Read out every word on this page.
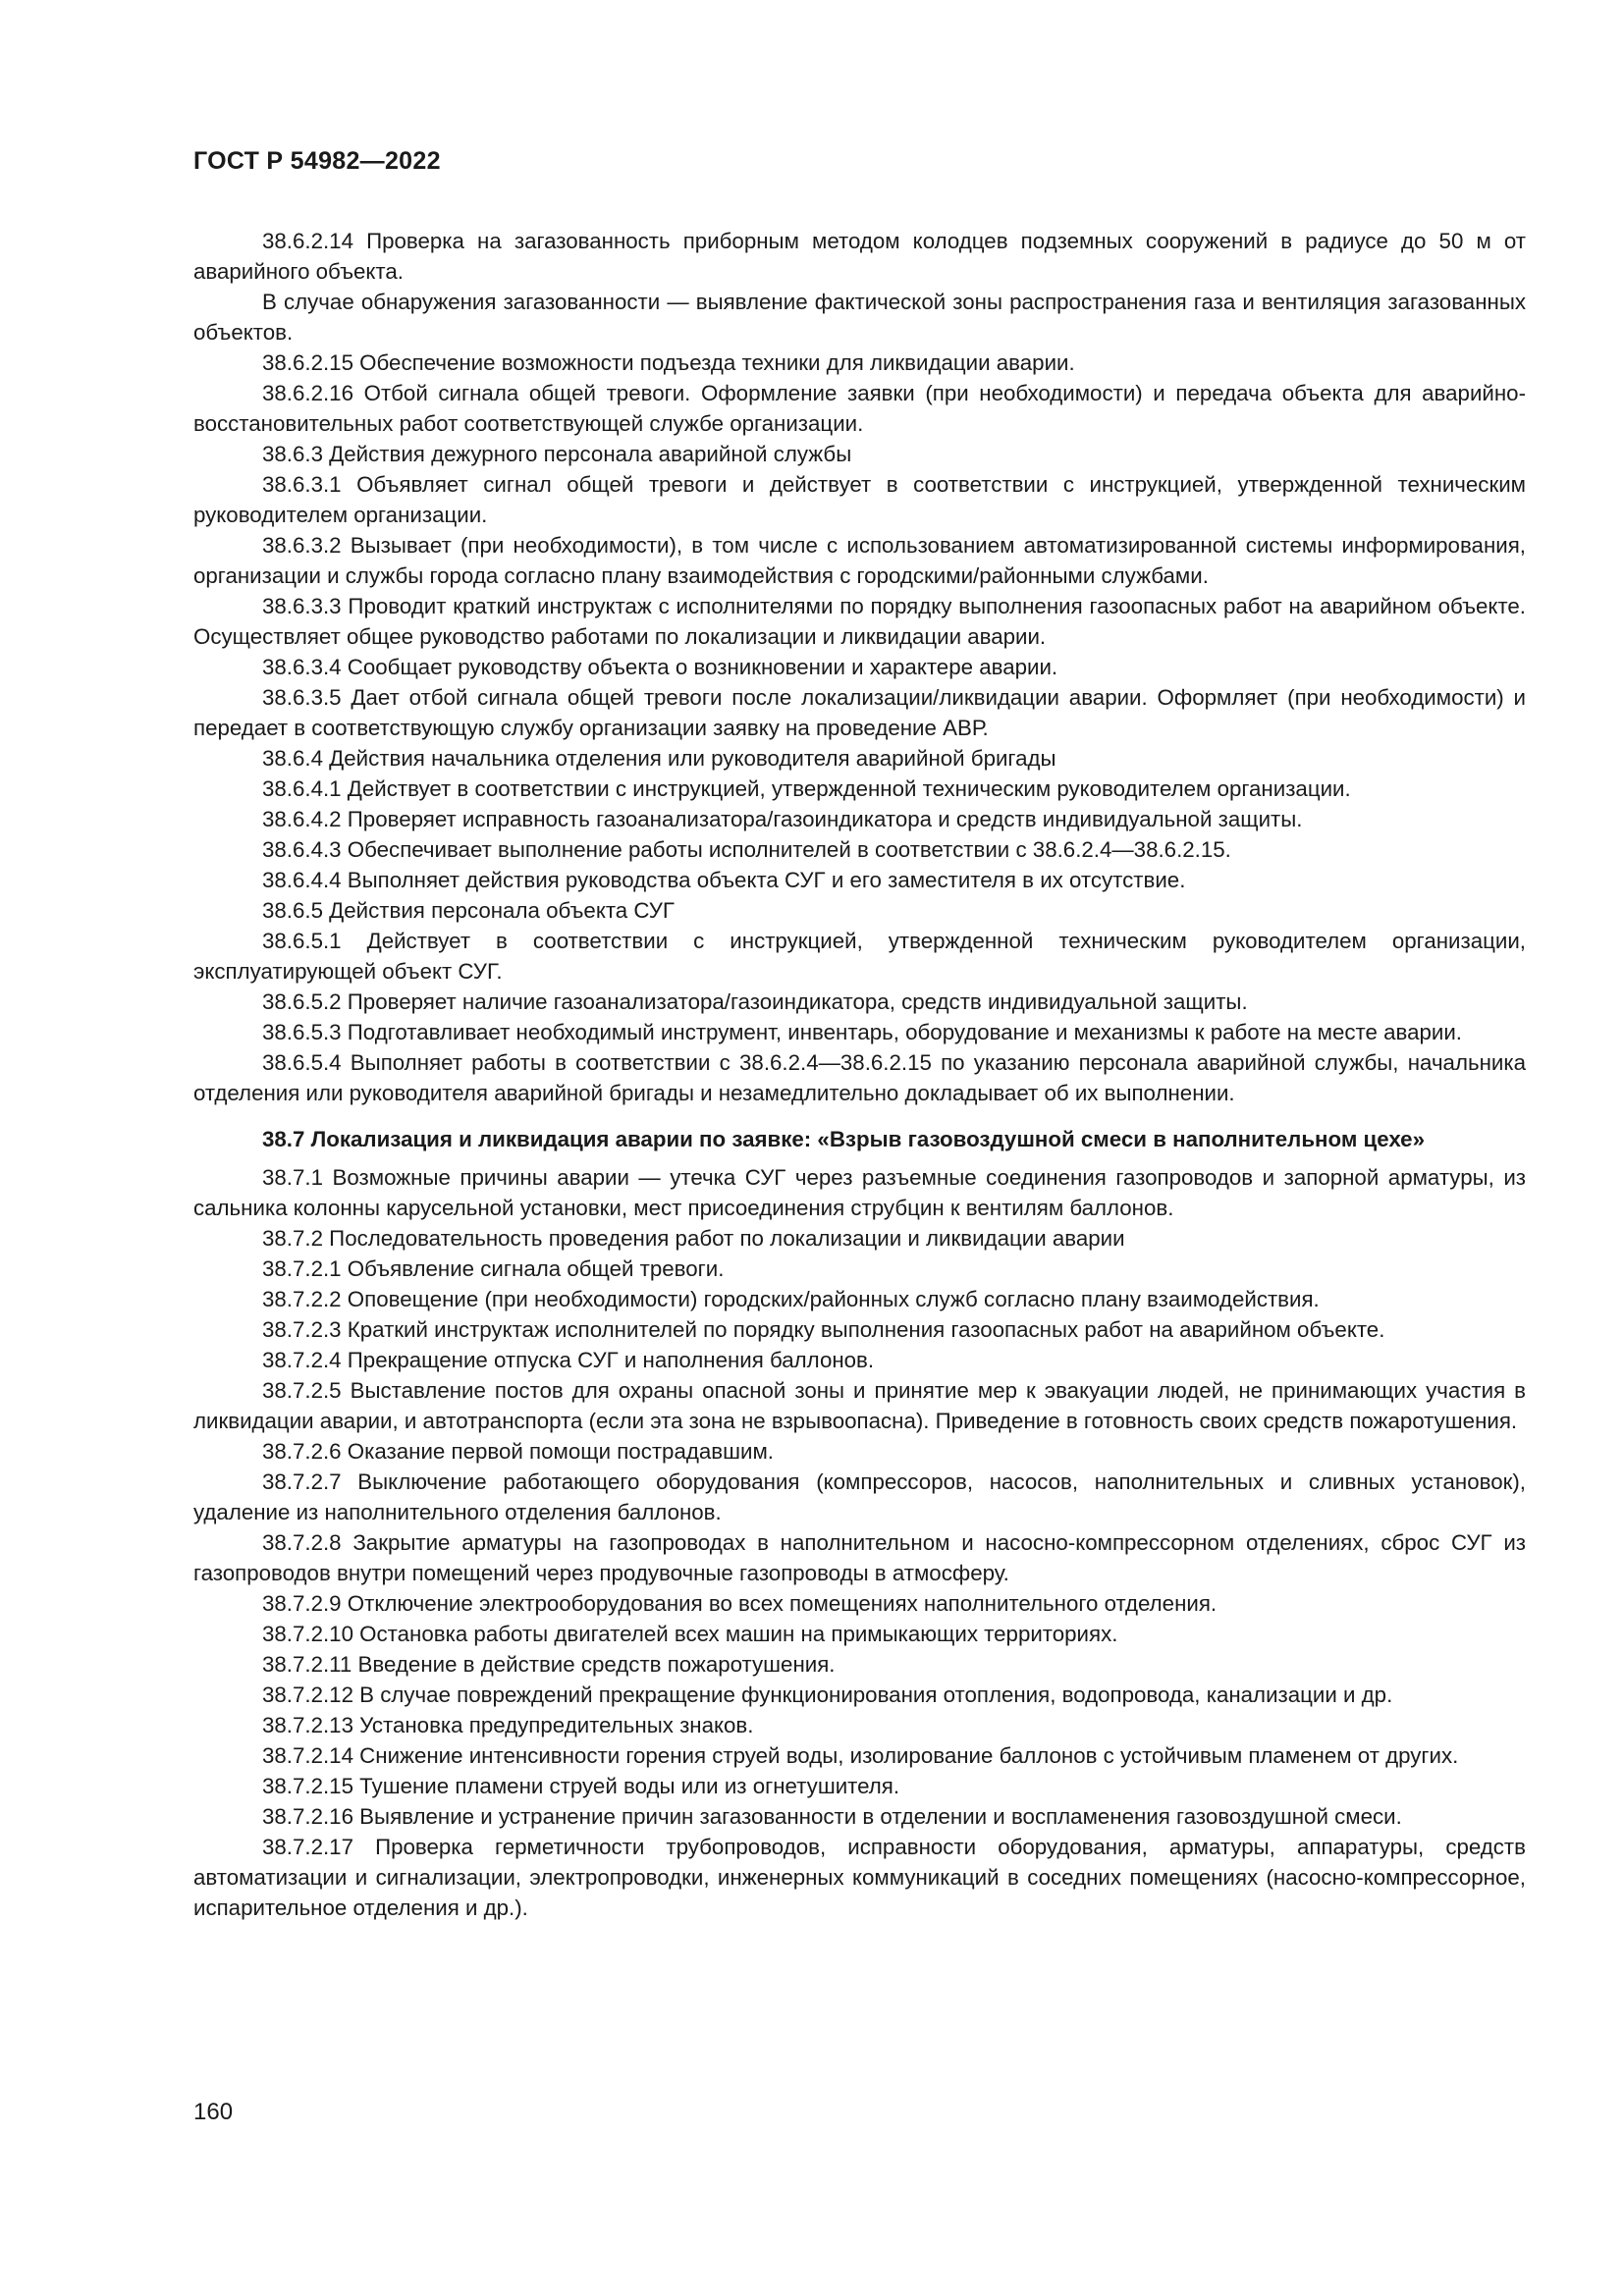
ГОСТ Р 54982—2022

38.6.2.14 Проверка на загазованность приборным методом колодцев подземных сооружений в радиусе до 50 м от аварийного объекта.

В случае обнаружения загазованности — выявление фактической зоны распространения газа и вентиляция загазованных объектов.

38.6.2.15 Обеспечение возможности подъезда техники для ликвидации аварии.

38.6.2.16 Отбой сигнала общей тревоги. Оформление заявки (при необходимости) и передача объекта для аварийно-восстановительных работ соответствующей службе организации.

38.6.3 Действия дежурного персонала аварийной службы

38.6.3.1 Объявляет сигнал общей тревоги и действует в соответствии с инструкцией, утвержденной техническим руководителем организации.

38.6.3.2 Вызывает (при необходимости), в том числе с использованием автоматизированной системы информирования, организации и службы города согласно плану взаимодействия с городскими/районными службами.

38.6.3.3 Проводит краткий инструктаж с исполнителями по порядку выполнения газоопасных работ на аварийном объекте. Осуществляет общее руководство работами по локализации и ликвидации аварии.

38.6.3.4 Сообщает руководству объекта о возникновении и характере аварии.

38.6.3.5 Дает отбой сигнала общей тревоги после локализации/ликвидации аварии. Оформляет (при необходимости) и передает в соответствующую службу организации заявку на проведение АВР.

38.6.4 Действия начальника отделения или руководителя аварийной бригады

38.6.4.1 Действует в соответствии с инструкцией, утвержденной техническим руководителем организации.

38.6.4.2 Проверяет исправность газоанализатора/газоиндикатора и средств индивидуальной защиты.

38.6.4.3 Обеспечивает выполнение работы исполнителей в соответствии с 38.6.2.4—38.6.2.15.

38.6.4.4 Выполняет действия руководства объекта СУГ и его заместителя в их отсутствие.

38.6.5 Действия персонала объекта СУГ

38.6.5.1 Действует в соответствии с инструкцией, утвержденной техническим руководителем организации, эксплуатирующей объект СУГ.

38.6.5.2 Проверяет наличие газоанализатора/газоиндикатора, средств индивидуальной защиты.

38.6.5.3 Подготавливает необходимый инструмент, инвентарь, оборудование и механизмы к работе на месте аварии.

38.6.5.4 Выполняет работы в соответствии с 38.6.2.4—38.6.2.15 по указанию персонала аварийной службы, начальника отделения или руководителя аварийной бригады и незамедлительно докладывает об их выполнении.

38.7 Локализация и ликвидация аварии по заявке: «Взрыв газовоздушной смеси в наполнительном цехе»

38.7.1 Возможные причины аварии — утечка СУГ через разъемные соединения газопроводов и запорной арматуры, из сальника колонны карусельной установки, мест присоединения струбцин к вентилям баллонов.

38.7.2 Последовательность проведения работ по локализации и ликвидации аварии

38.7.2.1 Объявление сигнала общей тревоги.

38.7.2.2 Оповещение (при необходимости) городских/районных служб согласно плану взаимодействия.

38.7.2.3 Краткий инструктаж исполнителей по порядку выполнения газоопасных работ на аварийном объекте.

38.7.2.4 Прекращение отпуска СУГ и наполнения баллонов.

38.7.2.5 Выставление постов для охраны опасной зоны и принятие мер к эвакуации людей, не принимающих участия в ликвидации аварии, и автотранспорта (если эта зона не взрывоопасна). Приведение в готовность своих средств пожаротушения.

38.7.2.6 Оказание первой помощи пострадавшим.

38.7.2.7 Выключение работающего оборудования (компрессоров, насосов, наполнительных и сливных установок), удаление из наполнительного отделения баллонов.

38.7.2.8 Закрытие арматуры на газопроводах в наполнительном и насосно-компрессорном отделениях, сброс СУГ из газопроводов внутри помещений через продувочные газопроводы в атмосферу.

38.7.2.9 Отключение электрооборудования во всех помещениях наполнительного отделения.

38.7.2.10 Остановка работы двигателей всех машин на примыкающих территориях.

38.7.2.11 Введение в действие средств пожаротушения.

38.7.2.12 В случае повреждений прекращение функционирования отопления, водопровода, канализации и др.

38.7.2.13 Установка предупредительных знаков.

38.7.2.14 Снижение интенсивности горения струей воды, изолирование баллонов с устойчивым пламенем от других.

38.7.2.15 Тушение пламени струей воды или из огнетушителя.

38.7.2.16 Выявление и устранение причин загазованности в отделении и воспламенения газовоздушной смеси.

38.7.2.17 Проверка герметичности трубопроводов, исправности оборудования, арматуры, аппаратуры, средств автоматизации и сигнализации, электропроводки, инженерных коммуникаций в соседних помещениях (насосно-компрессорное, испарительное отделения и др.).

160
